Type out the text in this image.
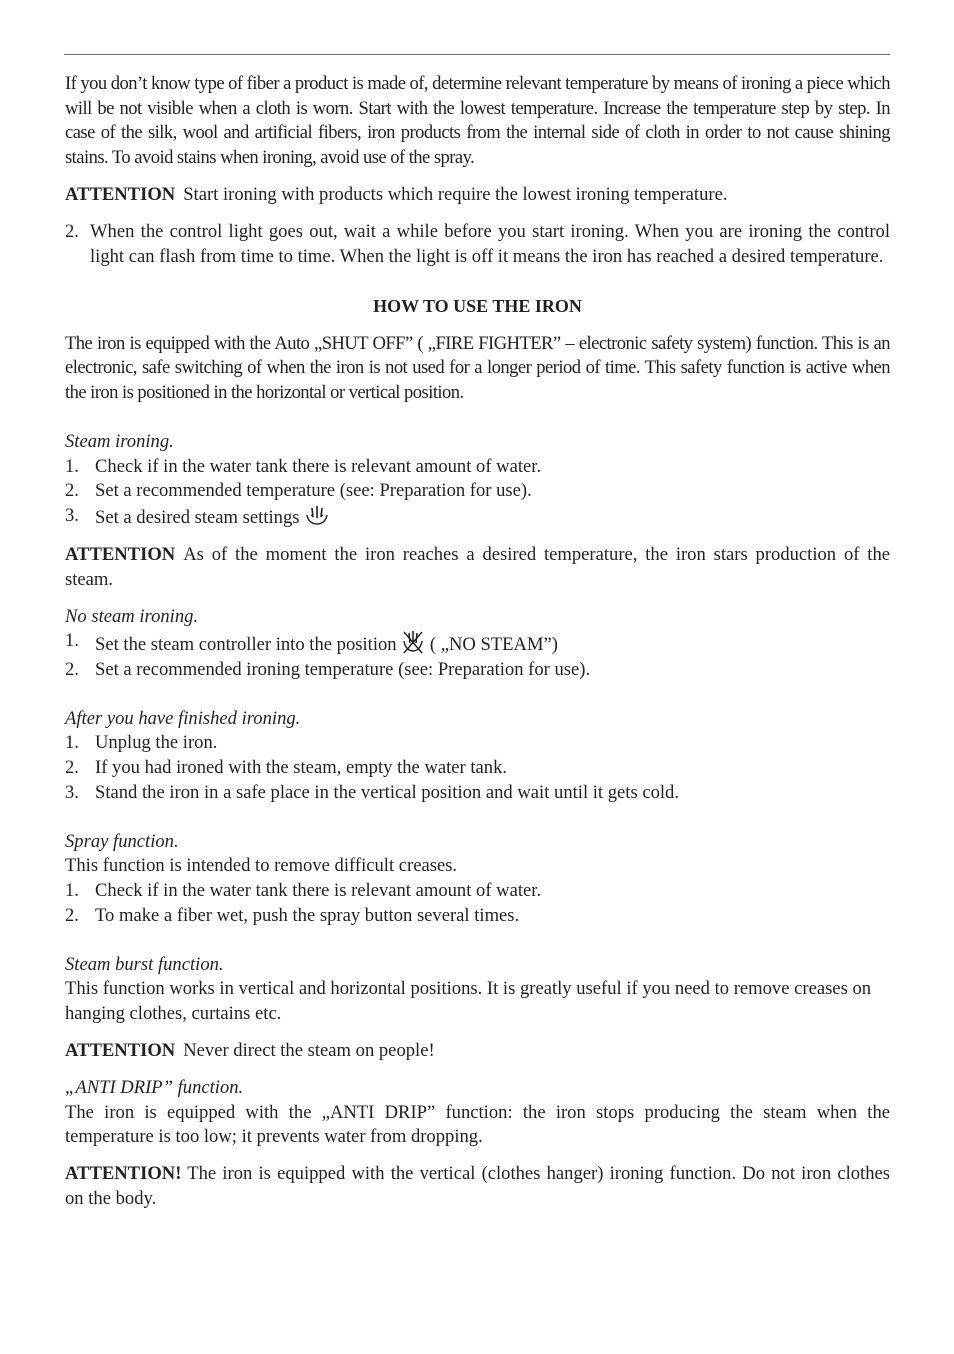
If you don’t know type of fiber a product is made of, determine relevant temperature by means of ironing a piece which will be not visible when a cloth is worn. Start with the lowest temperature. Increase the temperature step by step. In case of the silk, wool and artificial fibers, iron products from the internal side of cloth in order to not cause shining stains. To avoid stains when ironing, avoid use of the spray.

ATTENTION Start ironing with products which require the lowest ironing temperature.

2. When the control light goes out, wait a while before you start ironing. When you are ironing the control light can flash from time to time. When the light is off it means the iron has reached a desired temperature.

HOW TO USE THE IRON

The iron is equipped with the Auto „SHUT OFF” ( „FIRE FIGHTER” – electronic safety system) function. This is an electronic, safe switching of when the iron is not used for a longer period of time. This safety function is active when the iron is positioned in the horizontal or vertical position.

Steam ironing.

1. Check if in the water tank there is relevant amount of water.
2. Set a recommended temperature (see: Preparation for use).
3. Set a desired steam settings

ATTENTION As of the moment the iron reaches a desired temperature, the iron stars production of the steam.

No steam ironing.

1. Set the steam controller into the position ( „NO STEAM”)
2. Set a recommended ironing temperature (see: Preparation for use).

After you have finished ironing.

1. Unplug the iron.
2. If you had ironed with the steam, empty the water tank.
3. Stand the iron in a safe place in the vertical position and wait until it gets cold.

Spray function.

This function is intended to remove difficult creases.

1. Check if in the water tank there is relevant amount of water.
2. To make a fiber wet, push the spray button several times.

Steam burst function.

This function works in vertical and horizontal positions. It is greatly useful if you need to remove creases on hanging clothes, curtains etc.

ATTENTION Never direct the steam on people!

„ANTI DRIP” function.

The iron is equipped with the „ANTI DRIP” function: the iron stops producing the steam when the temperature is too low; it prevents water from dropping.

ATTENTION! The iron is equipped with the vertical (clothes hanger) ironing function. Do not iron clothes on the body.
